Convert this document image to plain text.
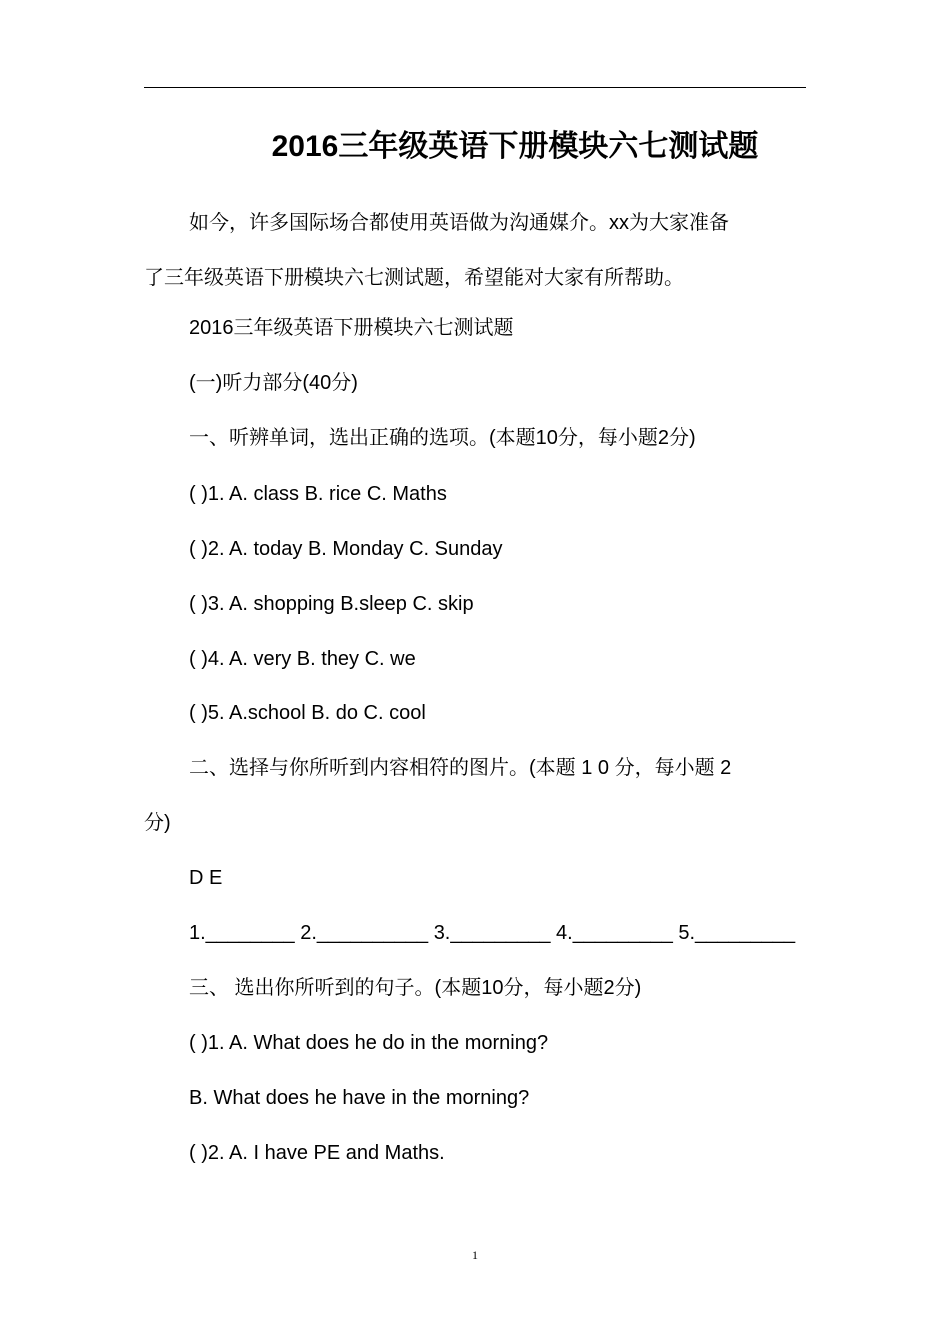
2016三年级英语下册模块六七测试题
如今，许多国际场合都使用英语做为沟通媒介。xx为大家准备
了三年级英语下册模块六七测试题，希望能对大家有所帮助。
2016三年级英语下册模块六七测试题
(一)听力部分(40分)
一、听辨单词，选出正确的选项。(本题10分，每小题2分)
( )1. A. class B. rice C. Maths
( )2. A. today B. Monday C. Sunday
( )3. A. shopping B.sleep C. skip
( )4. A. very B. they C. we
( )5. A.school B. do C. cool
二、选择与你所听到内容相符的图片。(本题 1 0 分，每小题 2
分)
D E
1.________ 2.__________ 3._________ 4._________ 5._________
三、 选出你所听到的句子。(本题10分，每小题2分)
( )1. A. What does he do in the morning?
B. What does he have in the morning?
( )2. A. I have PE and Maths.
1
